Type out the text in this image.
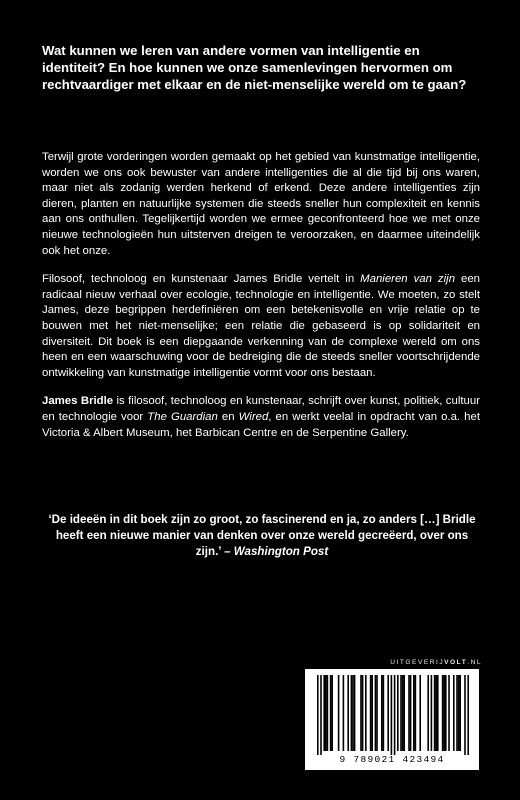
Wat kunnen we leren van andere vormen van intelligentie en identiteit? En hoe kunnen we onze samenlevingen hervormen om rechtvaardiger met elkaar en de niet-menselijke wereld om te gaan?

Terwijl grote vorderingen worden gemaakt op het gebied van kunstmatige intelligentie, worden we ons ook bewuster van andere intelligenties die al die tijd bij ons waren, maar niet als zodanig werden herkend of erkend. Deze andere intelligenties zijn dieren, planten en natuurlijke systemen die steeds sneller hun complexiteit en kennis aan ons onthullen. Tegelijkertijd worden we ermee geconfronteerd hoe we met onze nieuwe technologieën hun uitsterven dreigen te veroorzaken, en daarmee uiteindelijk ook het onze.

Filosoof, technoloog en kunstenaar James Bridle vertelt in Manieren van zijn een radicaal nieuw verhaal over ecologie, technologie en intelligentie. We moeten, zo stelt James, deze begrippen herdefiniëren om een betekenisvolle en vrije relatie op te bouwen met het niet-menselijke; een relatie die gebaseerd is op solidariteit en diversiteit. Dit boek is een diepgaande verkenning van de complexe wereld om ons heen en een waarschuwing voor de bedreiging die de steeds sneller voortschrijdende ontwikkeling van kunstmatige intelligentie vormt voor ons bestaan.

James Bridle is filosoof, technoloog en kunstenaar, schrijft over kunst, politiek, cultuur en technologie voor The Guardian en Wired, en werkt veelal in opdracht van o.a. het Victoria & Albert Museum, het Barbican Centre en de Serpentine Gallery.

‘De ideeën in dit boek zijn zo groot, zo fascinerend en ja, zo anders […] Bridle heeft een nieuwe manier van denken over onze wereld gecreëerd, over ons zijn.’ – Washington Post

UITGEVERIJVOLT.NL
9 789021 423494
